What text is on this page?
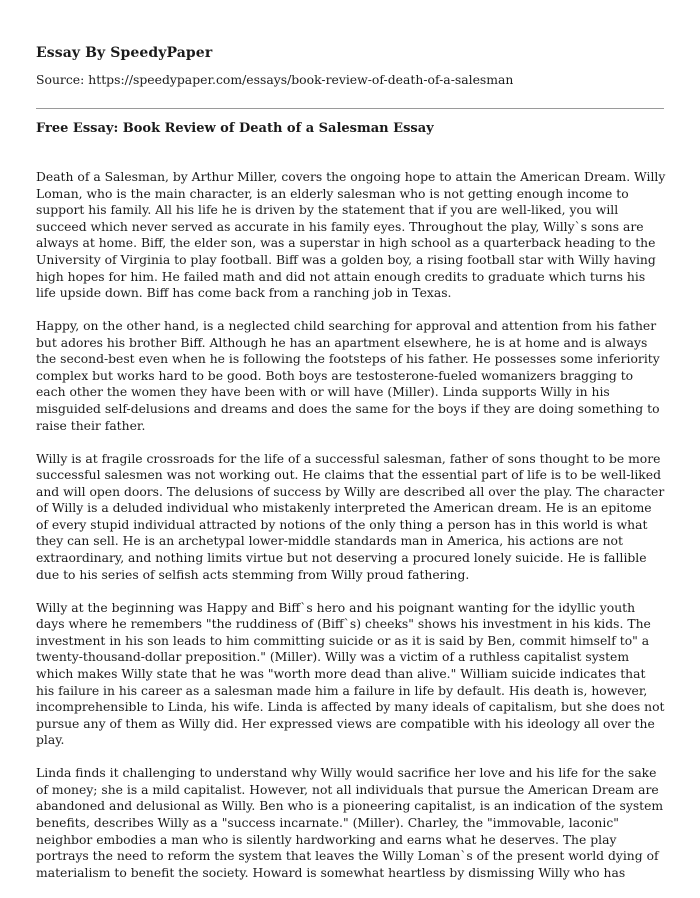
Essay By SpeedyPaper
Source: https://speedypaper.com/essays/book-review-of-death-of-a-salesman
Free Essay: Book Review of Death of a Salesman Essay

Death of a Salesman, by Arthur Miller, covers the ongoing hope to attain the American Dream. Willy Loman, who is the main character, is an elderly salesman who is not getting enough income to support his family. All his life he is driven by the statement that if you are well-liked, you will succeed which never served as accurate in his family eyes. Throughout the play, Willy`s sons are always at home. Biff, the elder son, was a superstar in high school as a quarterback heading to the University of Virginia to play football. Biff was a golden boy, a rising football star with Willy having high hopes for him. He failed math and did not attain enough credits to graduate which turns his life upside down. Biff has come back from a ranching job in Texas.

Happy, on the other hand, is a neglected child searching for approval and attention from his father but adores his brother Biff. Although he has an apartment elsewhere, he is at home and is always the second-best even when he is following the footsteps of his father. He possesses some inferiority complex but works hard to be good. Both boys are testosterone-fueled womanizers bragging to each other the women they have been with or will have (Miller). Linda supports Willy in his misguided self-delusions and dreams and does the same for the boys if they are doing something to raise their father.

Willy is at fragile crossroads for the life of a successful salesman, father of sons thought to be more successful salesmen was not working out. He claims that the essential part of life is to be well-liked and will open doors. The delusions of success by Willy are described all over the play. The character of Willy is a deluded individual who mistakenly interpreted the American dream. He is an epitome of every stupid individual attracted by notions of the only thing a person has in this world is what they can sell. He is an archetypal lower-middle standards man in America, his actions are not extraordinary, and nothing limits virtue but not deserving a procured lonely suicide. He is fallible due to his series of selfish acts stemming from Willy proud fathering.

Willy at the beginning was Happy and Biff`s hero and his poignant wanting for the idyllic youth days where he remembers "the ruddiness of (Biff`s) cheeks" shows his investment in his kids. The investment in his son leads to him committing suicide or as it is said by Ben, commit himself to" a twenty-thousand-dollar preposition." (Miller). Willy was a victim of a ruthless capitalist system which makes Willy state that he was "worth more dead than alive." William suicide indicates that his failure in his career as a salesman made him a failure in life by default. His death is, however, incomprehensible to Linda, his wife. Linda is affected by many ideals of capitalism, but she does not pursue any of them as Willy did. Her expressed views are compatible with his ideology all over the play.

Linda finds it challenging to understand why Willy would sacrifice her love and his life for the sake of money; she is a mild capitalist. However, not all individuals that pursue the American Dream are abandoned and delusional as Willy. Ben who is a pioneering capitalist, is an indication of the system benefits, describes Willy as a "success incarnate." (Miller). Charley, the "immovable, laconic" neighbor embodies a man who is silently hardworking and earns what he deserves. The play portrays the need to reform the system that leaves the Willy Loman`s of the present world dying of materialism to benefit the society. Howard is somewhat heartless by dismissing Willy who has
